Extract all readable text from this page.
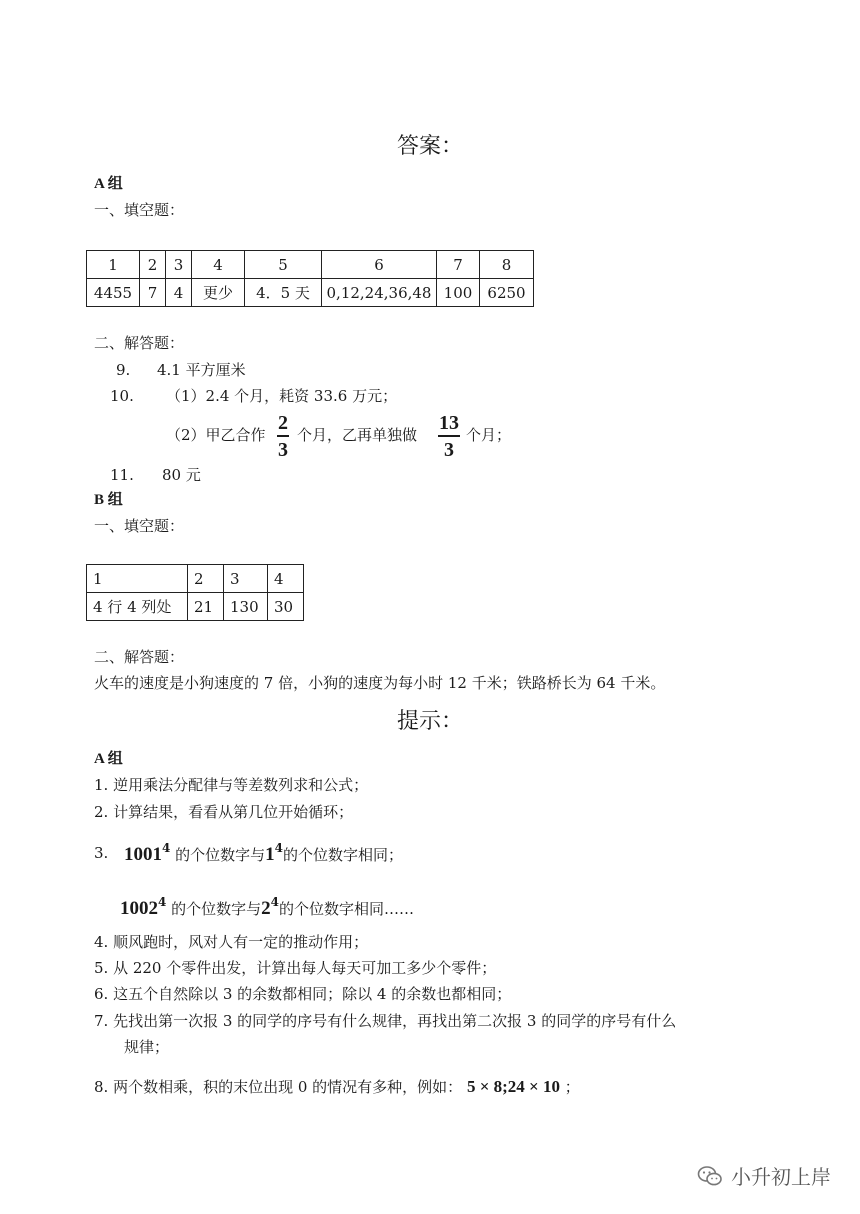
答案：
A 组
一、填空题：
1	2	3	4	5	6	7	8
4455	7	4	更少	4．5 天	0,12,24,36,48	100	6250
二、解答题：
9. 4.1 平方厘米
10. （1）2.4 个月，耗资 33.6 万元；
（2）甲乙合作 $\frac{2}{3}$ 个月，乙再单独做 $\frac{13}{3}$ 个月；
11. 80 元
B 组
一、填空题：
1	2	3	4
4 行 4 列处	21	130	30
二、解答题：
火车的速度是小狗速度的 7 倍，小狗的速度为每小时 12 千米；铁路桥长为 64 千米。
提示：
A 组
1. 逆用乘法分配律与等差数列求和公式；
2. 计算结果，看看从第几位开始循环；
3. 1001$^4$ 的个位数字与$1^4$的个位数字相同；
1002$^4$ 的个位数字与$2^4$的个位数字相同……
4. 顺风跑时，风对人有一定的推动作用；
5. 从 220 个零件出发，计算出每人每天可加工多少个零件；
6. 这五个自然除以 3 的余数都相同；除以 4 的余数也都相同；
7. 先找出第一次报 3 的同学的序号有什么规律，再找出第二次报 3 的同学的序号有什么
规律；
8. 两个数相乘，积的末位出现 0 的情况有多种，例如： 5 × 8;24 × 10 ；
小升初上岸
